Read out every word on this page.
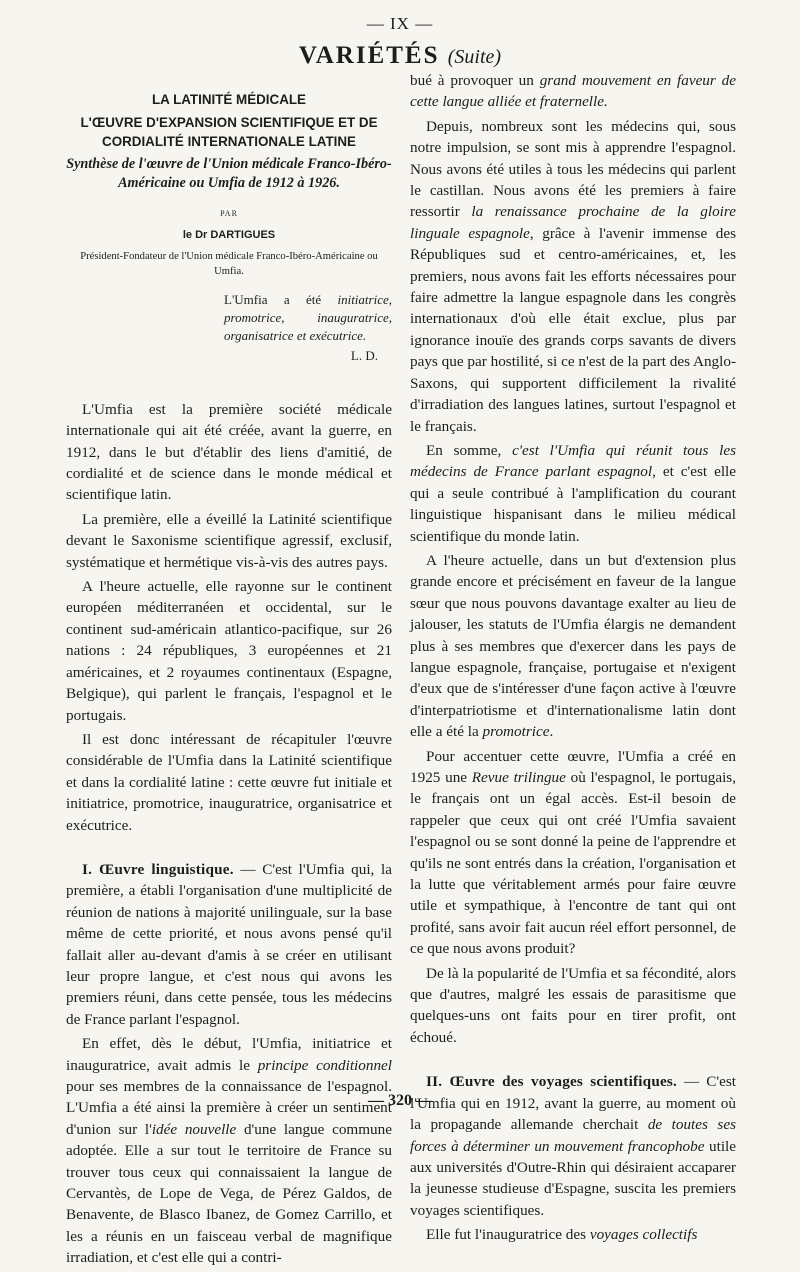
— IX —
VARIÉTÉS (Suite)
LA LATINITÉ MÉDICALE
L'ŒUVRE D'EXPANSION SCIENTIFIQUE ET DE CORDIALITÉ INTERNATIONALE LATINE
Synthèse de l'œuvre de l'Union médicale Franco-Ibéro-Américaine ou Umfia de 1912 à 1926.
PAR
le Dr DARTIGUES
Président-Fondateur de l'Union médicale Franco-Ibéro-Américaine ou Umfia.
L'Umfia a été initiatrice, promotrice, inauguratrice, organisatrice et exécutrice.
L. D.

L'Umfia est la première société médicale internationale qui ait été créée, avant la guerre, en 1912, dans le but d'établir des liens d'amitié, de cordialité et de science dans le monde médical et scientifique latin.

La première, elle a éveillé la Latinité scientifique devant le Saxonisme scientifique agressif, exclusif, systématique et hermétique vis-à-vis des autres pays.

A l'heure actuelle, elle rayonne sur le continent européen méditerranéen et occidental, sur le continent sud-américain atlantico-pacifique, sur 26 nations : 24 républiques, 3 européennes et 21 américaines, et 2 royaumes continentaux (Espagne, Belgique), qui parlent le français, l'espagnol et le portugais.

Il est donc intéressant de récapituler l'œuvre considérable de l'Umfia dans la Latinité scientifique et dans la cordialité latine : cette œuvre fut initiale et initiatrice, promotrice, inauguratrice, organisatrice et exécutrice.

I. Œuvre linguistique. — C'est l'Umfia qui, la première, a établi l'organisation d'une multiplicité de réunion de nations à majorité unilinguale, sur la base même de cette priorité, et nous avons pensé qu'il fallait aller au-devant d'amis à se créer en utilisant leur propre langue, et c'est nous qui avons les premiers réuni, dans cette pensée, tous les médecins de France parlant l'espagnol.

En effet, dès le début, l'Umfia, initiatrice et inauguratrice, avait admis le principe conditionnel pour ses membres de la connaissance de l'espagnol. L'Umfia a été ainsi la première à créer un sentiment d'union sur l'idée nouvelle d'une langue commune adoptée. Elle a sur tout le territoire de France su trouver tous ceux qui connaissaient la langue de Cervantès, de Lope de Vega, de Pérez Galdos, de Benavente, de Blasco Ibanez, de Gomez Carrillo, et les a réunis en un faisceau verbal de magnifique irradiation, et c'est elle qui a contri-

bué à provoquer un grand mouvement en faveur de cette langue alliée et fraternelle.

Depuis, nombreux sont les médecins qui, sous notre impulsion, se sont mis à apprendre l'espagnol. Nous avons été utiles à tous les médecins qui parlent le castillan. Nous avons été les premiers à faire ressortir la renaissance prochaine de la gloire linguale espagnole, grâce à l'avenir immense des Républiques sud et centro-américaines, et, les premiers, nous avons fait les efforts nécessaires pour faire admettre la langue espagnole dans les congrès internationaux d'où elle était exclue, plus par ignorance inouïe des grands corps savants de divers pays que par hostilité, si ce n'est de la part des Anglo-Saxons, qui supportent difficilement la rivalité d'irradiation des langues latines, surtout l'espagnol et le français.

En somme, c'est l'Umfia qui réunit tous les médecins de France parlant espagnol, et c'est elle qui a seule contribué à l'amplification du courant linguistique hispanisant dans le milieu médical scientifique du monde latin.

A l'heure actuelle, dans un but d'extension plus grande encore et précisément en faveur de la langue sœur que nous pouvons davantage exalter au lieu de jalouser, les statuts de l'Umfia élargis ne demandent plus à ses membres que d'exercer dans les pays de langue espagnole, française, portugaise et n'exigent d'eux que de s'intéresser d'une façon active à l'œuvre d'interpatriotisme et d'internationalisme latin dont elle a été la promotrice.

Pour accentuer cette œuvre, l'Umfia a créé en 1925 une Revue trilingue où l'espagnol, le portugais, le français ont un égal accès. Est-il besoin de rappeler que ceux qui ont créé l'Umfia savaient l'espagnol ou se sont donné la peine de l'apprendre et qu'ils ne sont entrés dans la création, l'organisation et la lutte que véritablement armés pour faire œuvre utile et sympathique, à l'encontre de tant qui ont profité, sans avoir fait aucun réel effort personnel, de ce que nous avons produit?

De là la popularité de l'Umfia et sa fécondité, alors que d'autres, malgré les essais de parasitisme que quelques-uns ont faits pour en tirer profit, ont échoué.

II. Œuvre des voyages scientifiques. — C'est l'Umfia qui en 1912, avant la guerre, au moment où la propagande allemande cherchait de toutes ses forces à déterminer un mouvement francophobe utile aux universités d'Outre-Rhin qui désiraient accaparer la jeunesse studieuse d'Espagne, suscita les premiers voyages scientifiques.

Elle fut l'inauguratrice des voyages collectifs

— 320 —
